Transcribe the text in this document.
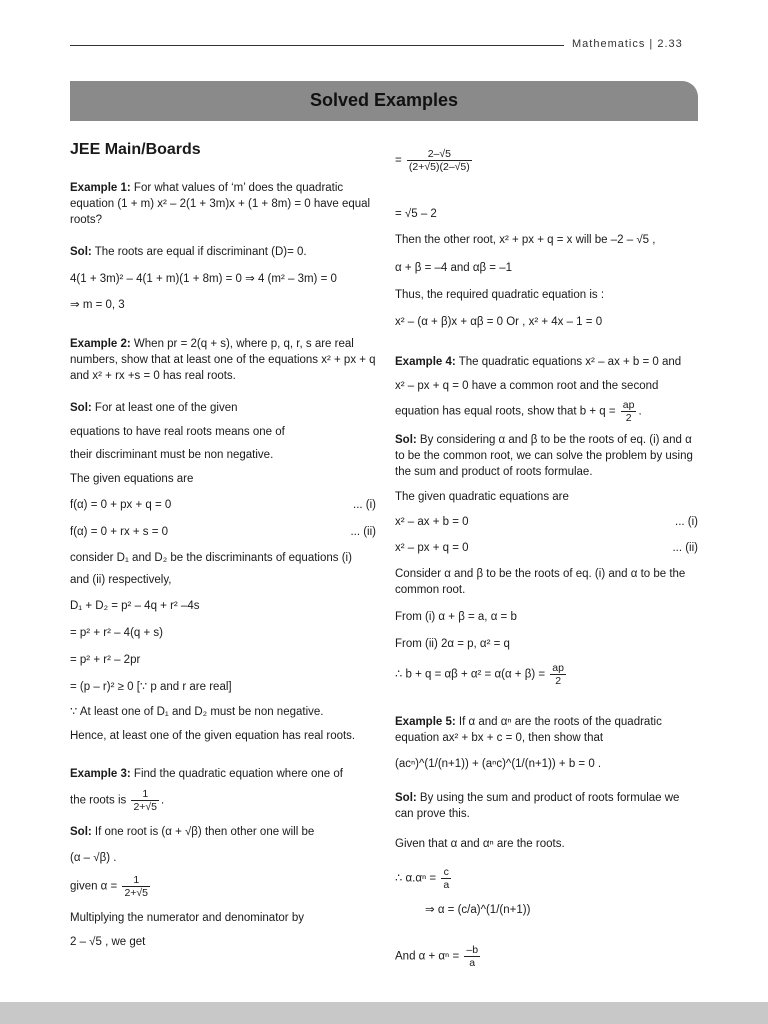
Mathematics | 2.33
Solved Examples

JEE Main/Boards

Example 1: For what values of ‘m’ does the quadratic equation (1 + m) x² – 2(1 + 3m)x + (1 + 8m) = 0 have equal roots?

Sol: The roots are equal if discriminant (D)= 0.

4(1 + 3m)² – 4(1 + m)(1 + 8m) = 0 ⇒ 4 (m² – 3m) = 0

⇒ m = 0, 3

Example 2: When pr = 2(q + s), where p, q, r, s are real numbers, show that at least one of the equations x² + px + q and x² + rx +s = 0 has real roots.

Sol: For at least one of the given

equations to have real roots means one of

their discriminant must be non negative.

The given equations are

f(α) = 0 + px + q = 0	... (i)

f(α) = 0 + rx + s = 0	... (ii)

consider D₁ and D₂ be the discriminants of equations (i)

and (ii) respectively,

D₁ + D₂ = p² – 4q + r² –4s

= p² + r² – 4(q + s)

= p² + r² – 2pr

= (p – r)² ≥ 0 [∵ p and r are real]

∵ At least one of D₁ and D₂ must be non negative.

Hence, at least one of the given equation has real roots.

Example 3: Find the quadratic equation where one of

the roots is $\frac{1}{2+√5}$ .

Sol: If one root is (α + √β) then other one will be

(α – √β) .

given $\alpha = \frac{1}{2+√5}$

Multiplying the numerator and denominator by

2 – √5 , we get

= $\frac{2-√5}{(2+√5)(2-√5)}$

= √5 – 2

Then the other root, x² + px + q = x will be –2 – √5 ,

α + β = –4 and αβ = –1

Thus, the required quadratic equation is :

x² – (α + β)x + αβ = 0 Or , x² + 4x – 1 = 0

Example 4: The quadratic equations x² – ax + b = 0 and

x² – px + q = 0 have a common root and the second

equation has equal roots, show that $b + q = \frac{ap}{2}$ .

Sol: By considering α and β to be the roots of eq. (i) and α to be the common root, we can solve the problem by using the sum and product of roots formulae.

The given quadratic equations are

x² – ax + b = 0	... (i)

x² – px + q = 0	... (ii)

Consider α and β to be the roots of eq. (i) and α to be the common root.

From (i) α + β = a, α = b

From (ii) 2α = p, α² = q

∴ $b + q = \alpha\beta + \alpha^2 = \alpha(\alpha + \beta) = \frac{ap}{2}$

Example 5: If α and αⁿ are the roots of the quadratic equation ax² + bx + c = 0, then show that

(acⁿ)^(1/(n+1)) + (aⁿc)^(1/(n+1)) + b = 0 .

Sol: By using the sum and product of roots formulae we can prove this.

Given that α and αⁿ are the roots.

∴ $\alpha.\alpha^n = \frac{c}{a}$

⇒ α = (c/a)^(1/(n+1))

And $\alpha + \alpha^n = \frac{-b}{a}$
